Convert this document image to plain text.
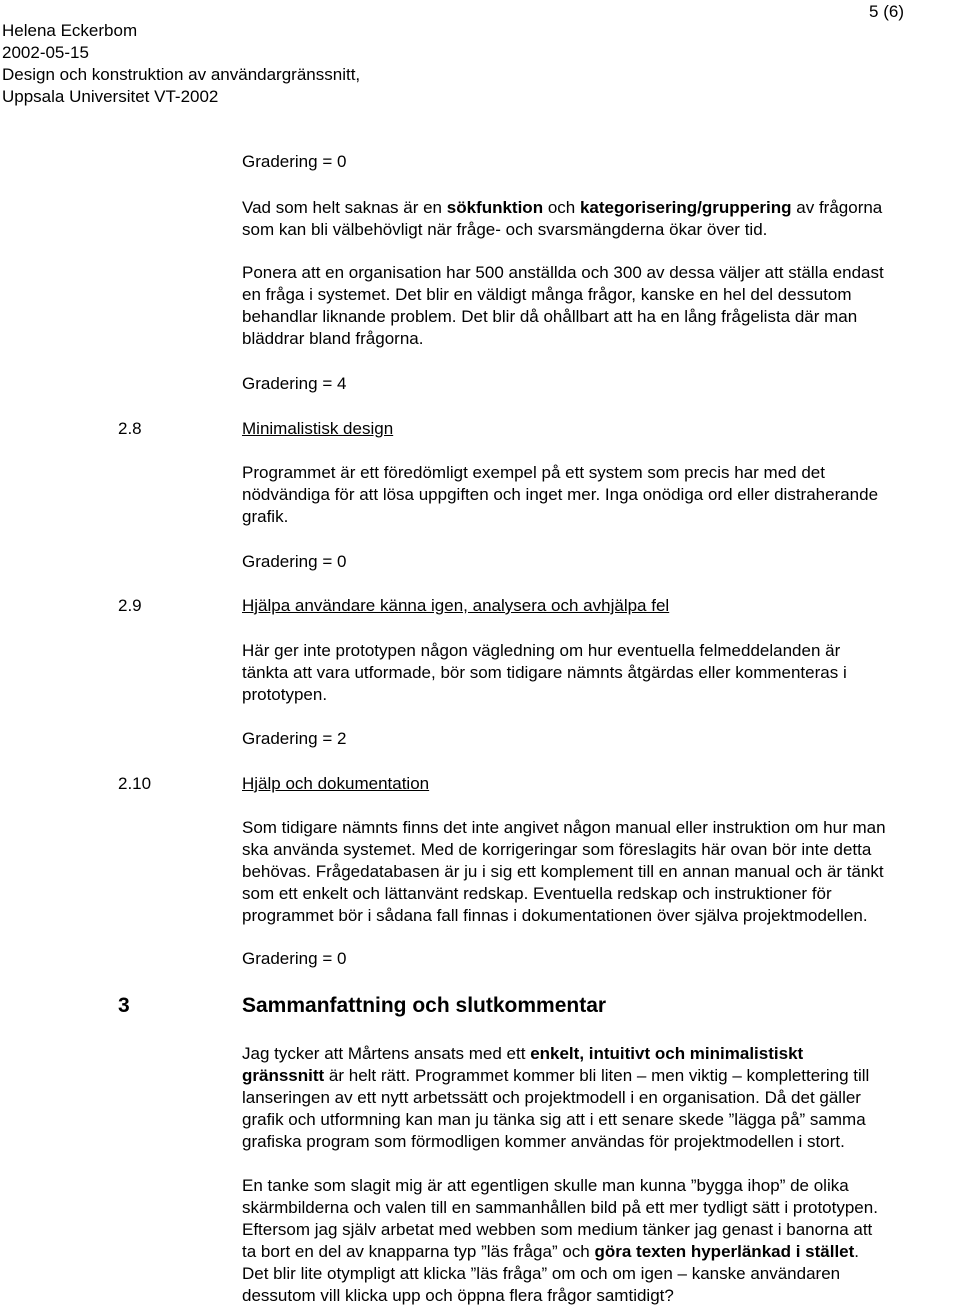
Helena Eckerbom
2002-05-15
Design och konstruktion av användargränssnitt,
Uppsala Universitet VT-2002
5 (6)
Gradering = 0
Vad som helt saknas är en sökfunktion och kategorisering/gruppering av frågorna
som kan bli välbehövligt när fråge- och svarsmängderna ökar över tid.
Ponera att en organisation har 500 anställda och 300 av dessa väljer att ställa endast
en fråga i systemet. Det blir en väldigt många frågor, kanske en hel del dessutom
behandlar liknande problem. Det blir då ohållbart att ha en lång frågelista där man
bläddrar bland frågorna.
Gradering = 4
2.8	Minimalistisk design
Programmet är ett föredömligt exempel på ett system som precis har med det
nödvändiga för att lösa uppgiften och inget mer. Inga onödiga ord eller distraherande
grafik.
Gradering = 0
2.9	Hjälpa användare känna igen, analysera och avhjälpa fel
Här ger inte prototypen någon vägledning om hur eventuella felmeddelanden är
tänkta att vara utformade, bör som tidigare nämnts åtgärdas eller kommenteras i
prototypen.
Gradering = 2
2.10	Hjälp och dokumentation
Som tidigare nämnts finns det inte angivet någon manual eller instruktion om hur man
ska använda systemet. Med de korrigeringar som föreslagits här ovan bör inte detta
behövas. Frågedatabasen är ju i sig ett komplement till en annan manual och är tänkt
som ett enkelt och lättanvänt redskap. Eventuella redskap och instruktioner för
programmet bör i sådana fall finnas i dokumentationen över själva projektmodellen.
Gradering = 0
3	Sammanfattning och slutkommentar
Jag tycker att Mårtens ansats med ett enkelt, intuitivt och minimalistiskt
gränssnitt är helt rätt. Programmet kommer bli liten – men viktig – komplettering till
lanseringen av ett nytt arbetssätt och projektmodell i en organisation. Då det gäller
grafik och utformning kan man ju tänka sig att i ett senare skede ”lägga på” samma
grafiska program som förmodligen kommer användas för projektmodellen i stort.
En tanke som slagit mig är att egentligen skulle man kunna ”bygga ihop” de olika
skärmbilderna och valen till en sammanhållen bild på ett mer tydligt sätt i prototypen.
Eftersom jag själv arbetat med webben som medium tänker jag genast i banorna att
ta bort en del av knapparna typ ”läs fråga” och göra texten hyperlänkad i stället.
Det blir lite otympligt att klicka ”läs fråga” om och om igen – kanske användaren
dessutom vill klicka upp och öppna flera frågor samtidigt?
